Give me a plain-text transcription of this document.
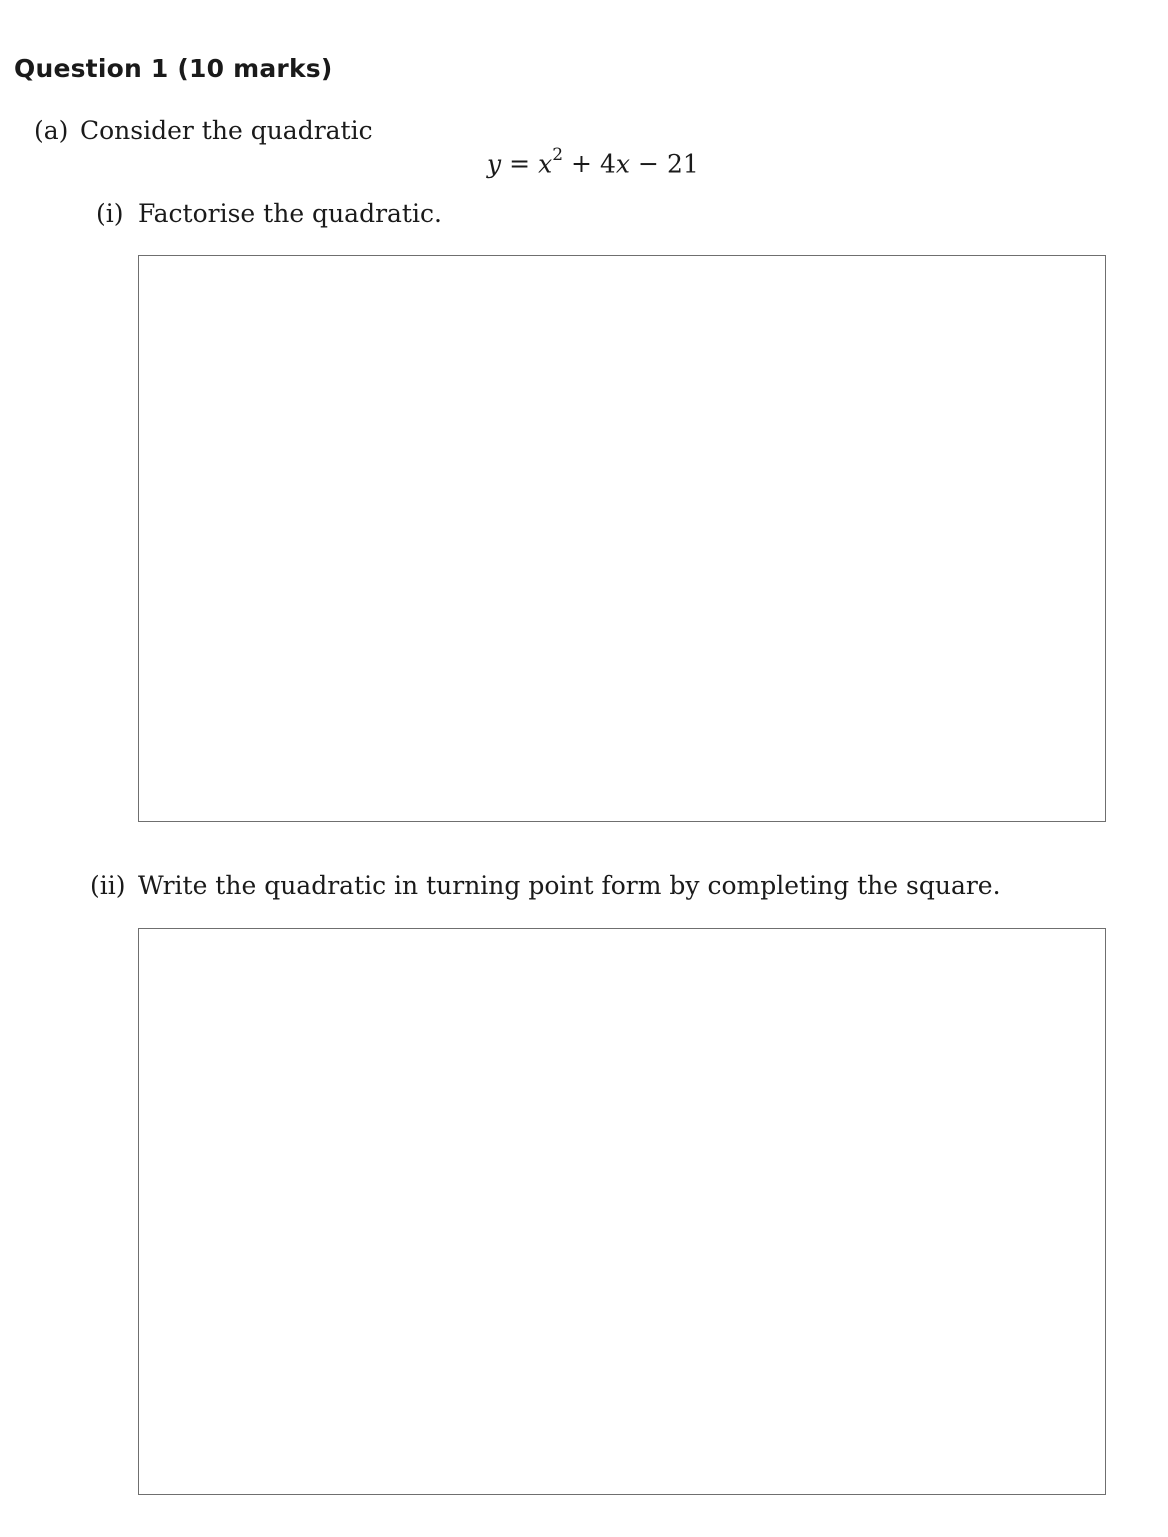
Question 1 (10 marks)
(a) Consider the quadratic
$y = x^2 + 4x - 21$
(i) Factorise the quadratic.
(ii) Write the quadratic in turning point form by completing the square.
